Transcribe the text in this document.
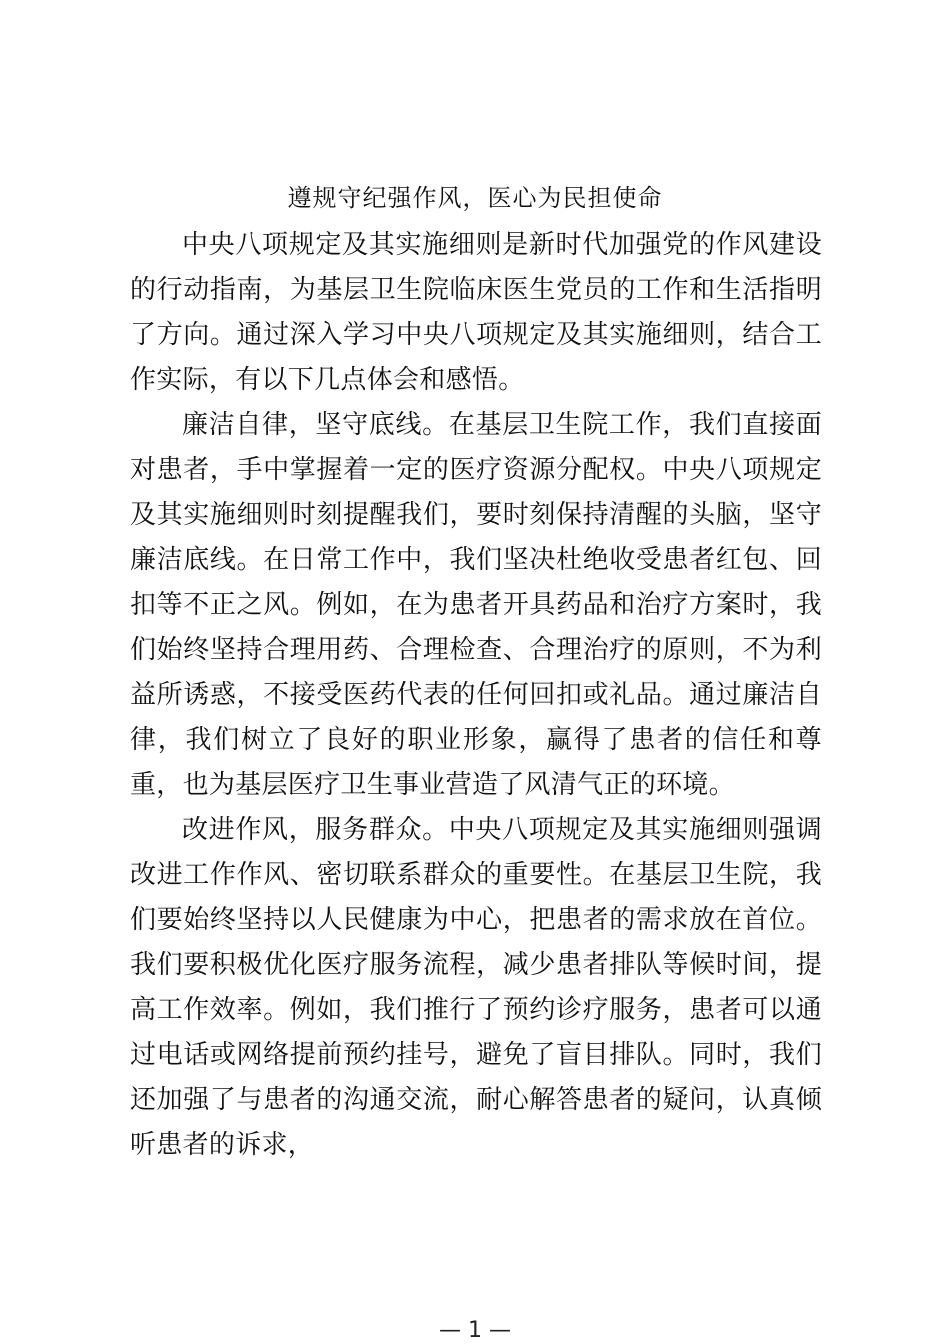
遵规守纪强作风，医心为民担使命

中央八项规定及其实施细则是新时代加强党的作风建设的行动指南，为基层卫生院临床医生党员的工作和生活指明了方向。通过深入学习中央八项规定及其实施细则，结合工作实际，有以下几点体会和感悟。

廉洁自律，坚守底线。在基层卫生院工作，我们直接面对患者，手中掌握着一定的医疗资源分配权。中央八项规定及其实施细则时刻提醒我们，要时刻保持清醒的头脑，坚守廉洁底线。在日常工作中，我们坚决杜绝收受患者红包、回扣等不正之风。例如，在为患者开具药品和治疗方案时，我们始终坚持合理用药、合理检查、合理治疗的原则，不为利益所诱惑，不接受医药代表的任何回扣或礼品。通过廉洁自律，我们树立了良好的职业形象，赢得了患者的信任和尊重，也为基层医疗卫生事业营造了风清气正的环境。

改进作风，服务群众。中央八项规定及其实施细则强调改进工作作风、密切联系群众的重要性。在基层卫生院，我们要始终坚持以人民健康为中心，把患者的需求放在首位。我们要积极优化医疗服务流程，减少患者排队等候时间，提高工作效率。例如，我们推行了预约诊疗服务，患者可以通过电话或网络提前预约挂号，避免了盲目排队。同时，我们还加强了与患者的沟通交流，耐心解答患者的疑问，认真倾听患者的诉求，

— 1 —
